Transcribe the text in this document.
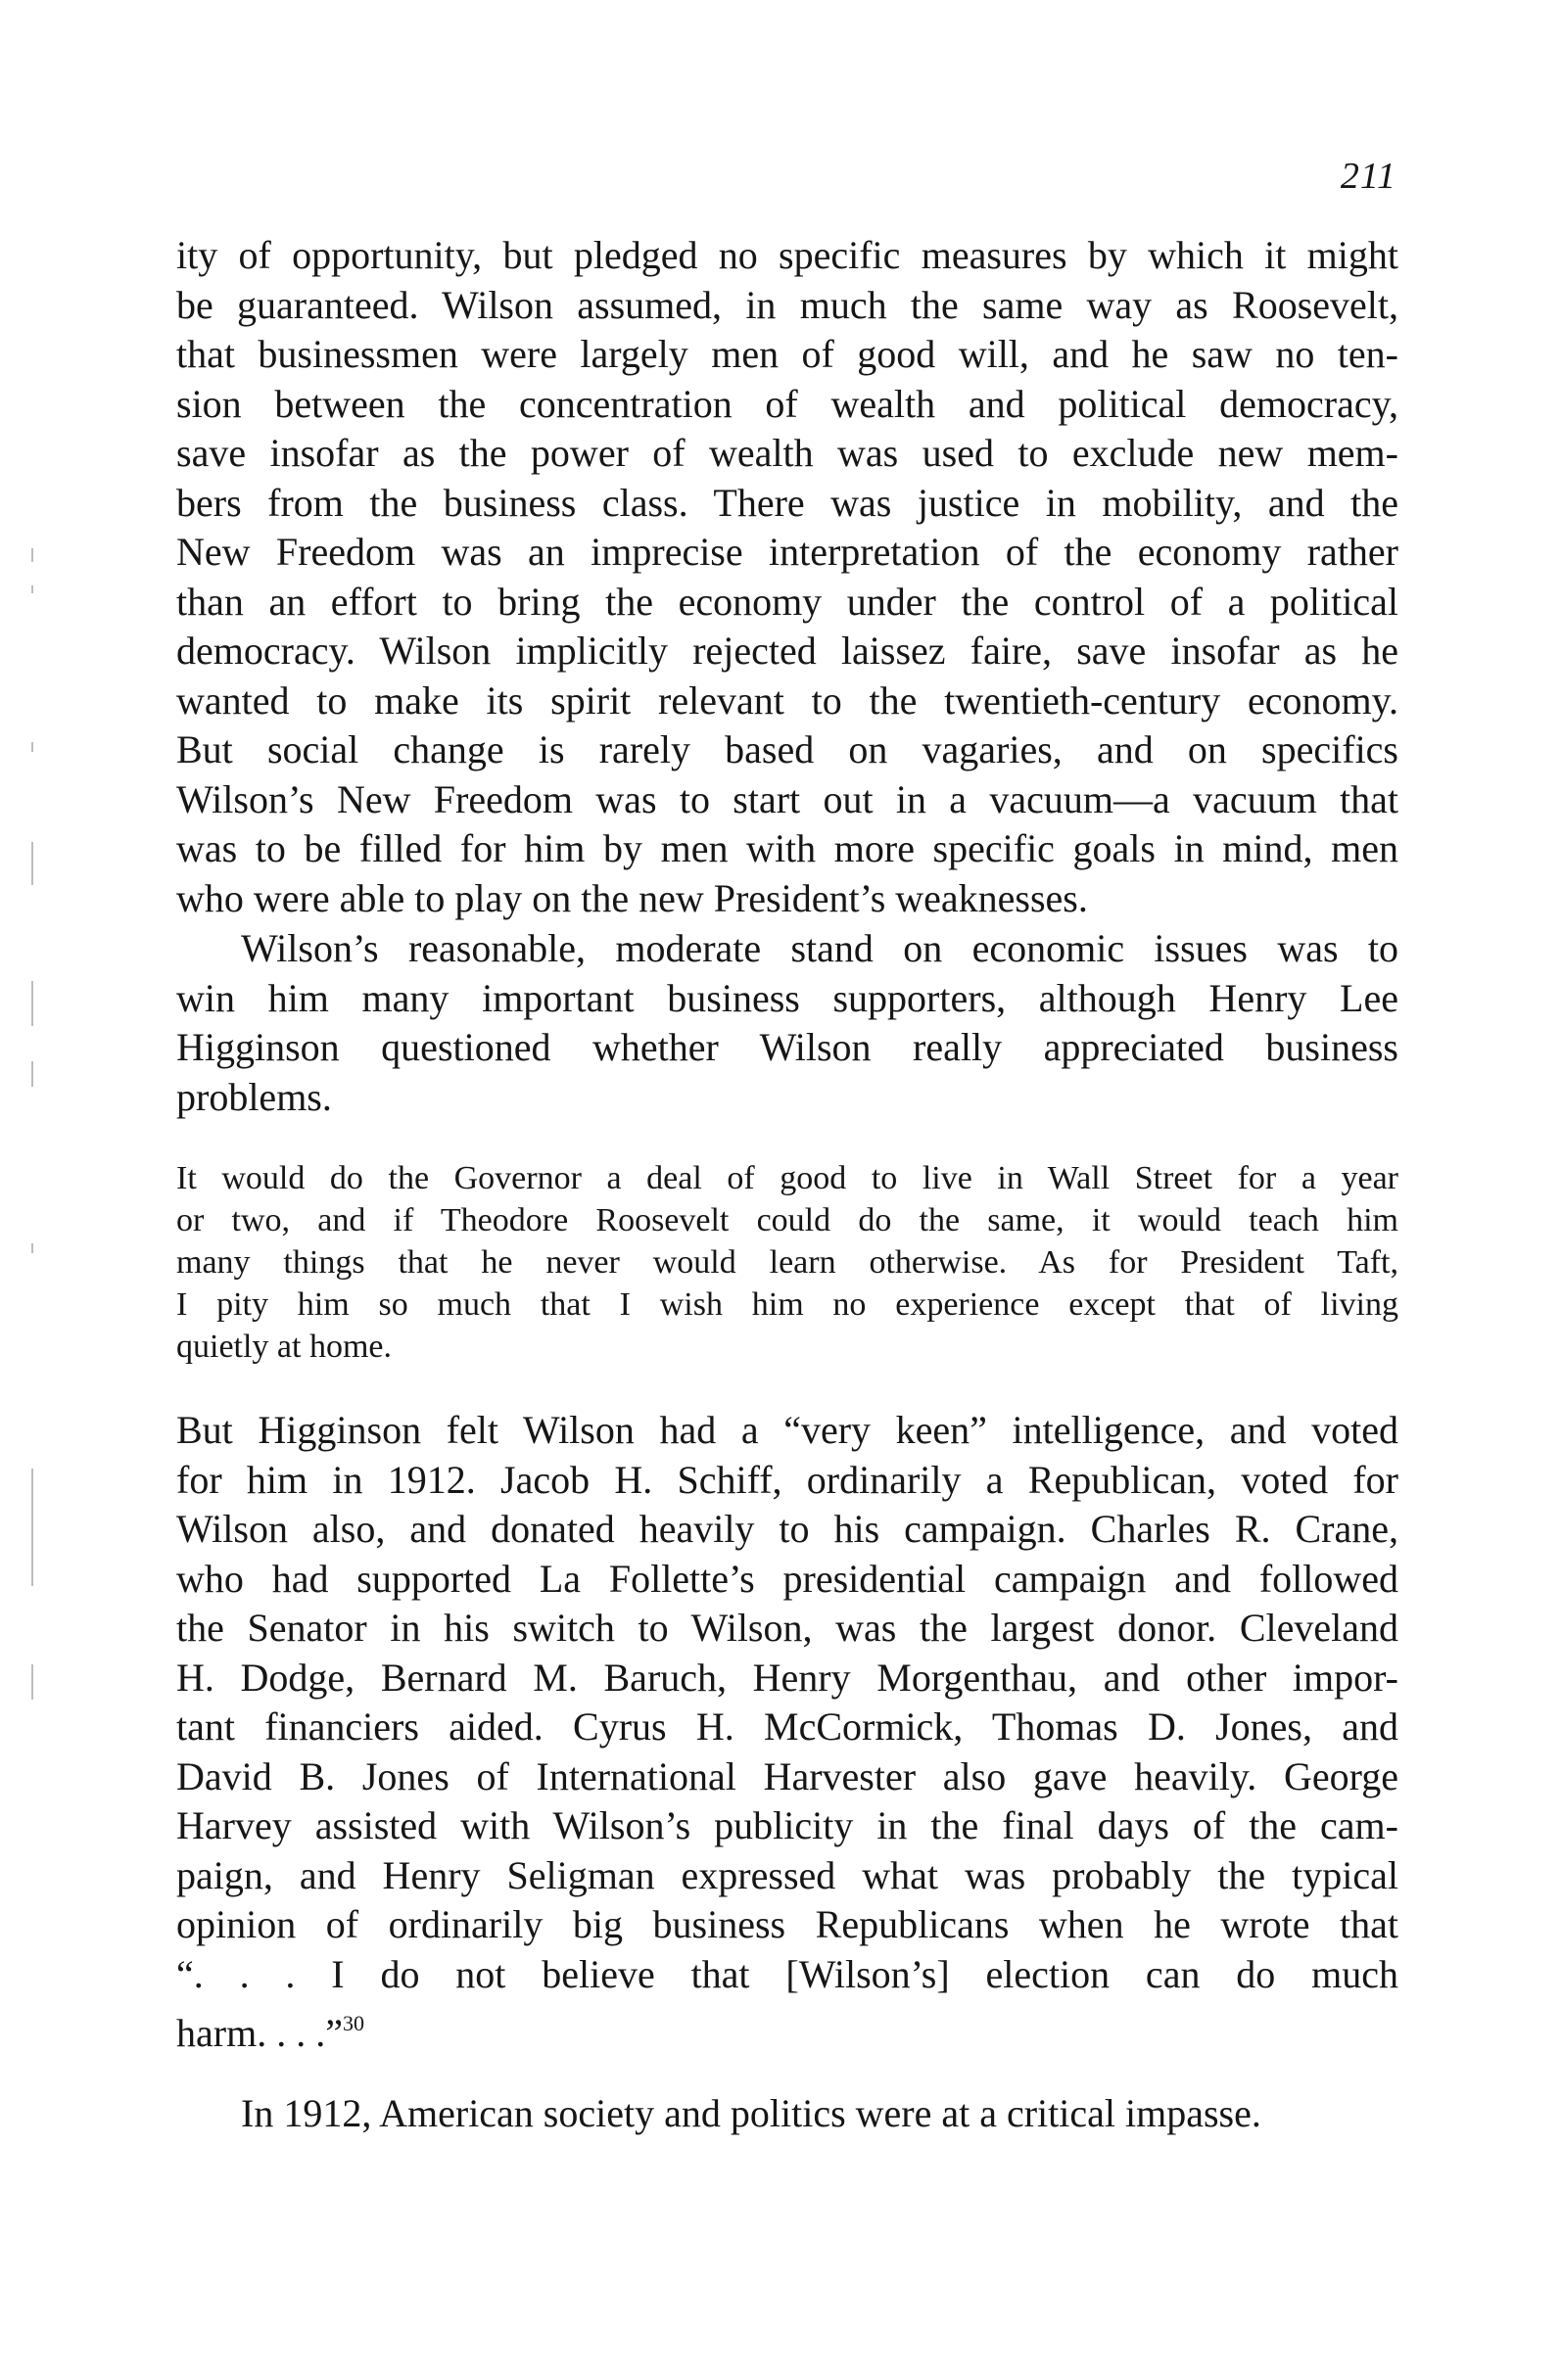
211
ity of opportunity, but pledged no specific measures by which it might
be guaranteed. Wilson assumed, in much the same way as Roosevelt,
that businessmen were largely men of good will, and he saw no ten-
sion between the concentration of wealth and political democracy,
save insofar as the power of wealth was used to exclude new mem-
bers from the business class. There was justice in mobility, and the
New Freedom was an imprecise interpretation of the economy rather
than an effort to bring the economy under the control of a political
democracy. Wilson implicitly rejected laissez faire, save insofar as he
wanted to make its spirit relevant to the twentieth-century economy.
But social change is rarely based on vagaries, and on specifics
Wilson’s New Freedom was to start out in a vacuum—a vacuum that
was to be filled for him by men with more specific goals in mind, men
who were able to play on the new President’s weaknesses.
Wilson’s reasonable, moderate stand on economic issues was to
win him many important business supporters, although Henry Lee
Higginson questioned whether Wilson really appreciated business
problems.
It would do the Governor a deal of good to live in Wall Street for a year
or two, and if Theodore Roosevelt could do the same, it would teach him
many things that he never would learn otherwise. As for President Taft,
I pity him so much that I wish him no experience except that of living
quietly at home.
But Higginson felt Wilson had a “very keen” intelligence, and voted
for him in 1912. Jacob H. Schiff, ordinarily a Republican, voted for
Wilson also, and donated heavily to his campaign. Charles R. Crane,
who had supported La Follette’s presidential campaign and followed
the Senator in his switch to Wilson, was the largest donor. Cleveland
H. Dodge, Bernard M. Baruch, Henry Morgenthau, and other impor-
tant financiers aided. Cyrus H. McCormick, Thomas D. Jones, and
David B. Jones of International Harvester also gave heavily. George
Harvey assisted with Wilson’s publicity in the final days of the cam-
paign, and Henry Seligman expressed what was probably the typical
opinion of ordinarily big business Republicans when he wrote that
“. . . I do not believe that [Wilson’s] election can do much
harm. . . .”$^{30}$
In 1912, American society and politics were at a critical impasse.
